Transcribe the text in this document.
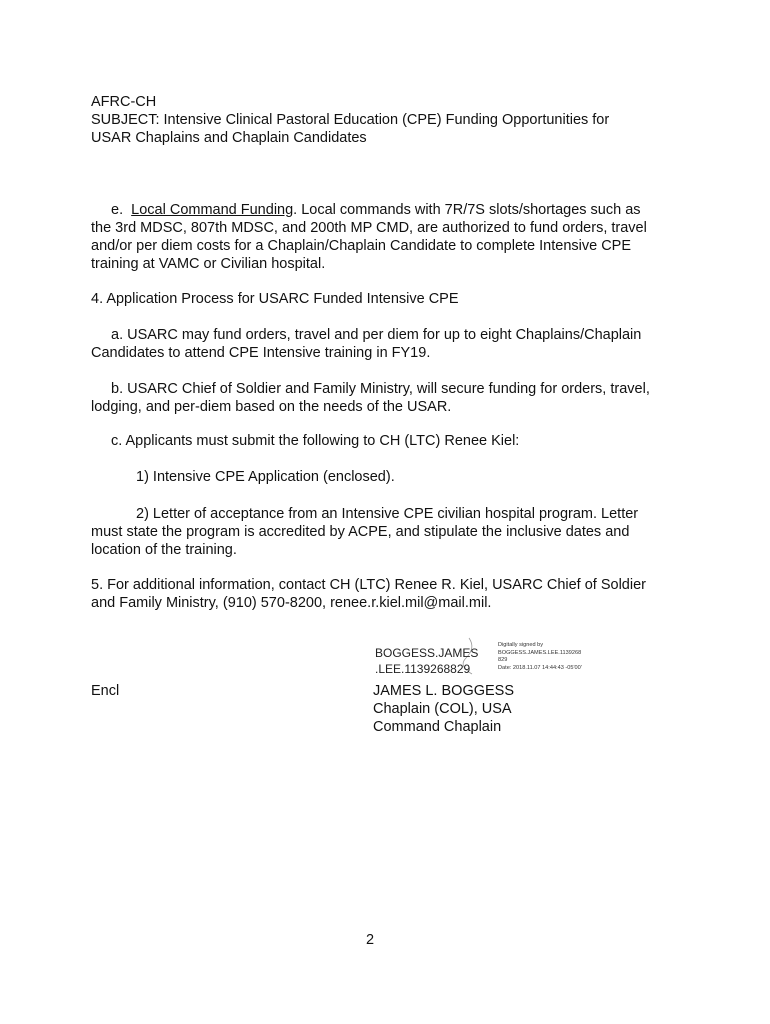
AFRC-CH
SUBJECT: Intensive Clinical Pastoral Education (CPE) Funding Opportunities for
USAR Chaplains and Chaplain Candidates
e. Local Command Funding. Local commands with 7R/7S slots/shortages such as
the 3rd MDSC, 807th MDSC, and 200th MP CMD, are authorized to fund orders, travel
and/or per diem costs for a Chaplain/Chaplain Candidate to complete Intensive CPE
training at VAMC or Civilian hospital.
4. Application Process for USARC Funded Intensive CPE
a. USARC may fund orders, travel and per diem for up to eight Chaplains/Chaplain
Candidates to attend CPE Intensive training in FY19.
b. USARC Chief of Soldier and Family Ministry, will secure funding for orders, travel,
lodging, and per-diem based on the needs of the USAR.
c. Applicants must submit the following to CH (LTC) Renee Kiel:
1) Intensive CPE Application (enclosed).
2) Letter of acceptance from an Intensive CPE civilian hospital program. Letter
must state the program is accredited by ACPE, and stipulate the inclusive dates and
location of the training.
5. For additional information, contact CH (LTC) Renee R. Kiel, USARC Chief of Soldier
and Family Ministry, (910) 570-8200, renee.r.kiel.mil@mail.mil.
BOGGESS.JAMES
.LEE.1139268829
Digitally signed by
BOGGESS.JAMES.LEE.1139268
829
Date: 2018.11.07 14:44:43 -05'00'
Encl	JAMES L. BOGGESS
Chaplain (COL), USA
Command Chaplain
2
